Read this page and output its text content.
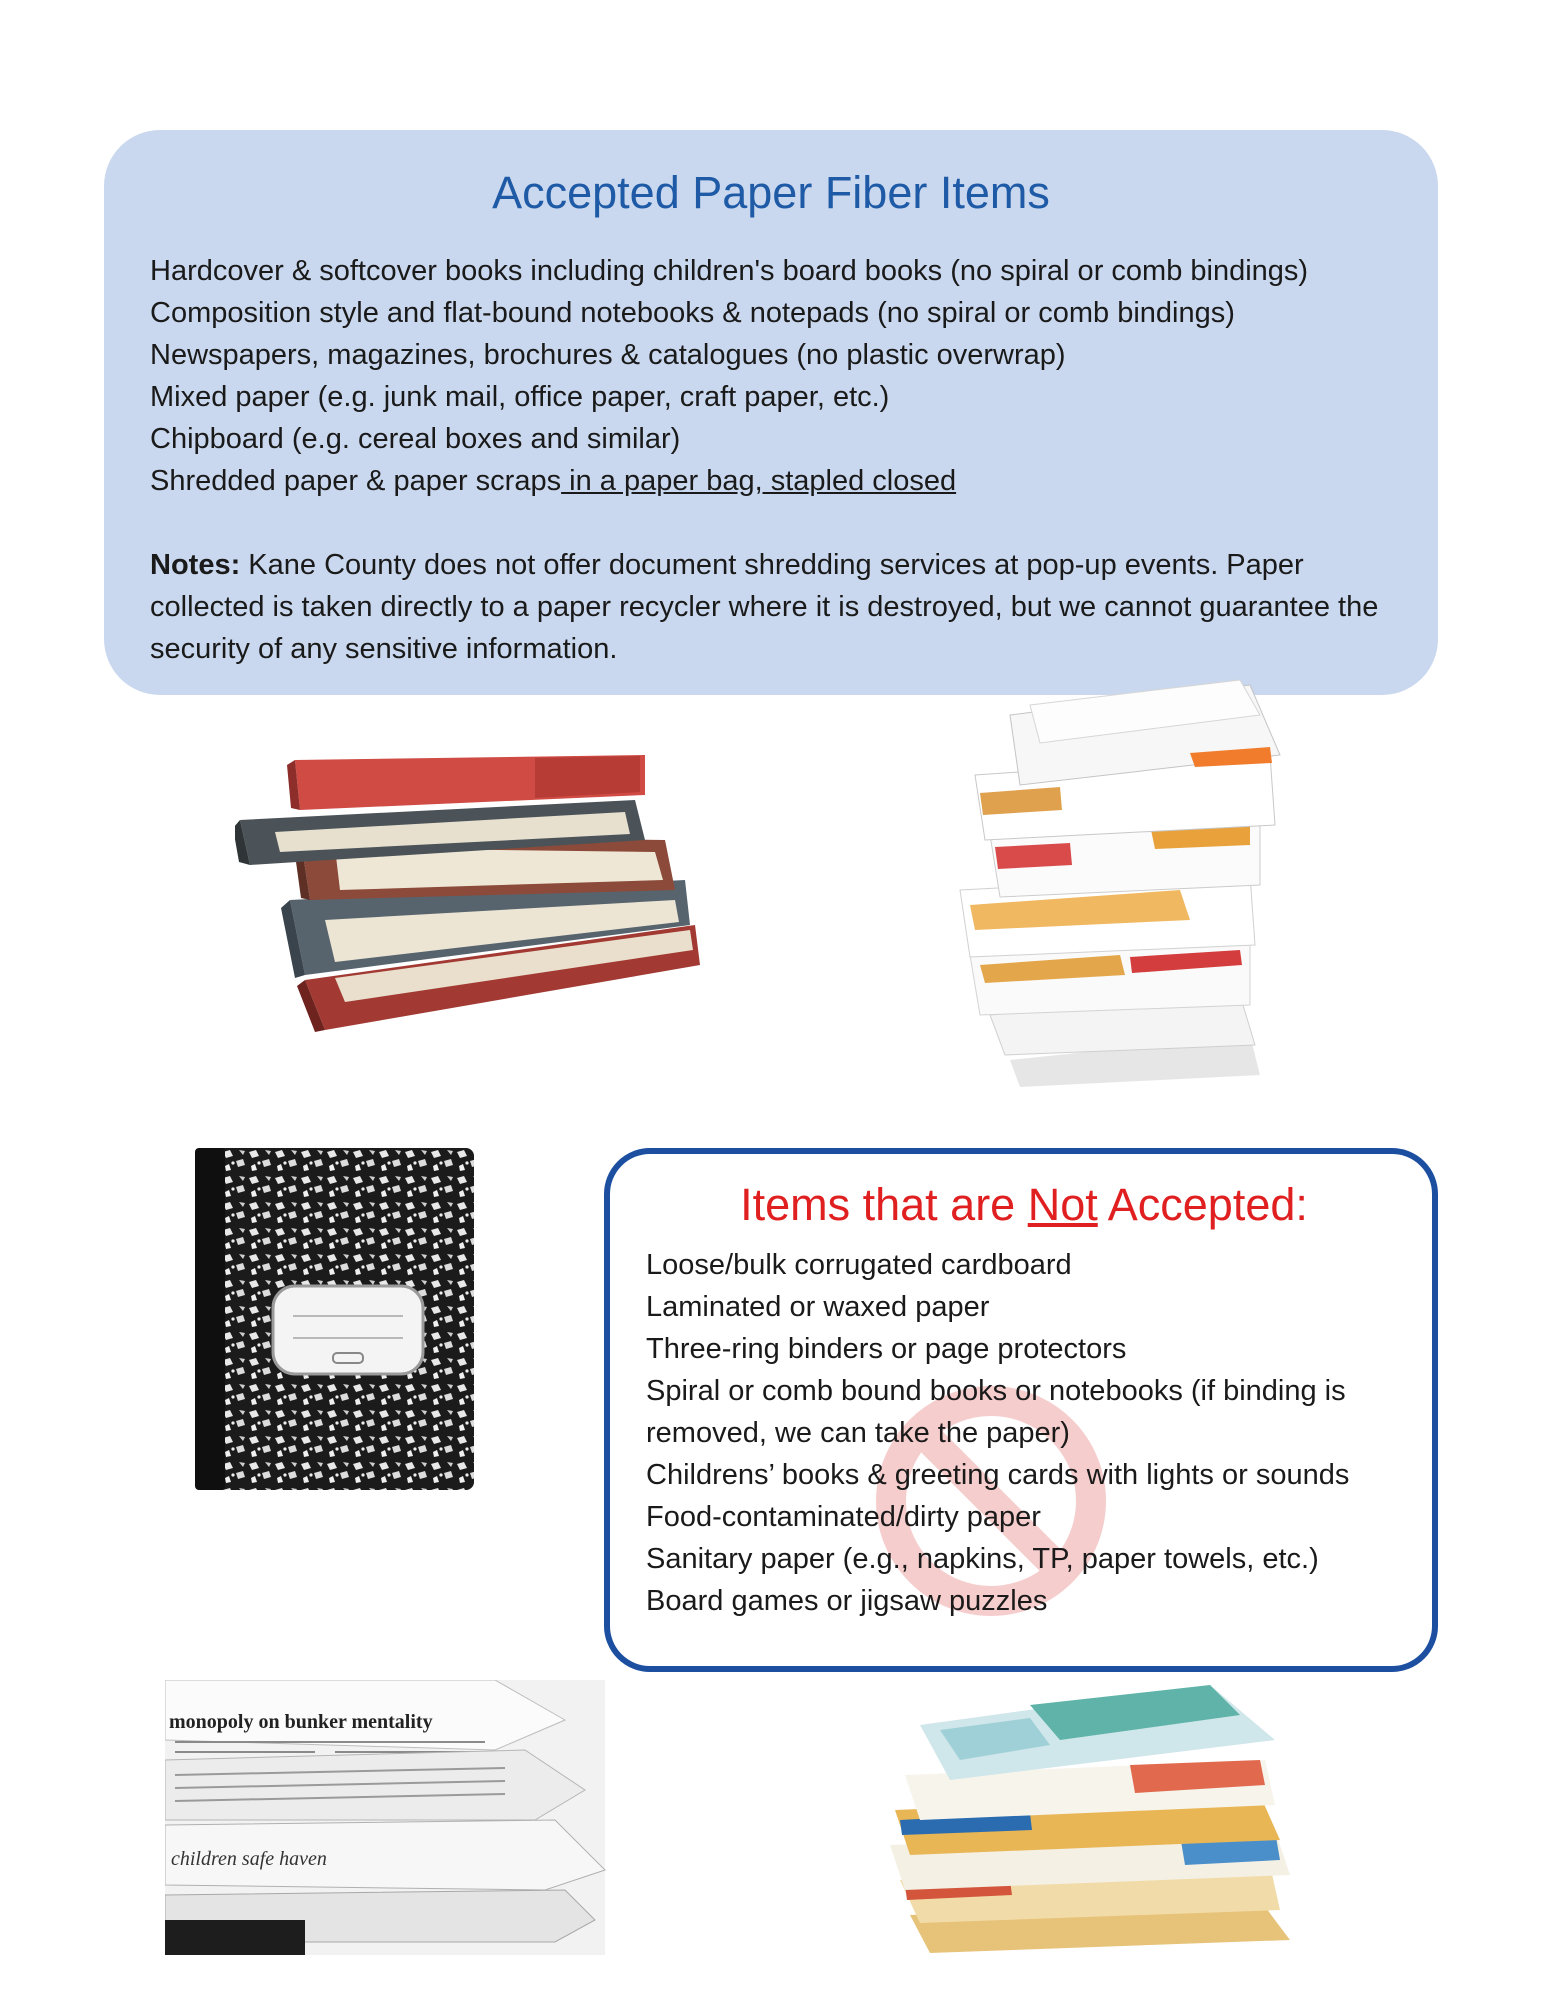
Accepted Paper Fiber Items
Hardcover & softcover books including children's board books (no spiral or comb bindings)
Composition style and flat-bound notebooks & notepads (no spiral or comb bindings)
Newspapers, magazines, brochures & catalogues (no plastic overwrap)
Mixed paper (e.g. junk mail, office paper, craft paper, etc.)
Chipboard (e.g. cereal boxes and similar)
Shredded paper & paper scraps in a paper bag, stapled closed
Notes: Kane County does not offer document shredding services at pop-up events. Paper collected is taken directly to a paper recycler where it is destroyed, but we cannot guarantee the security of any sensitive information.
Items that are Not Accepted:
Loose/bulk corrugated cardboard
Laminated or waxed paper
Three-ring binders or page protectors
Spiral or comb bound books or notebooks (if binding is removed, we can take the paper)
Childrens’ books & greeting cards with lights or sounds
Food-contaminated/dirty paper
Sanitary paper (e.g., napkins, TP, paper towels, etc.)
Board games or jigsaw puzzles
monopoly on bunker mentality
children safe haven
